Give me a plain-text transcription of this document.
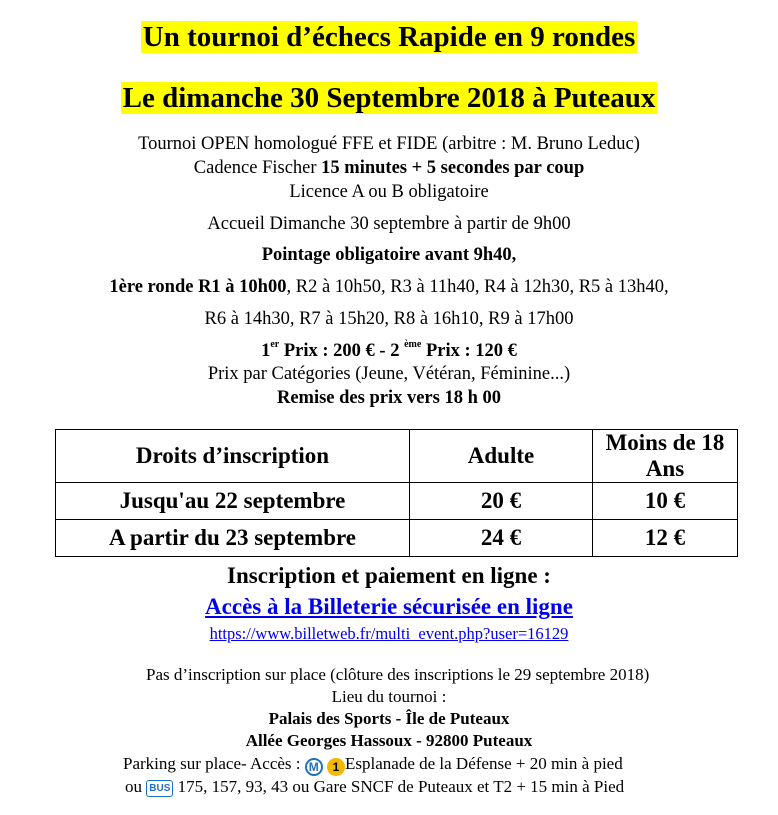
Un tournoi d’échecs Rapide en 9 rondes
Le dimanche 30 Septembre 2018 à Puteaux
Tournoi OPEN homologué FFE et FIDE (arbitre : M. Bruno Leduc)
Cadence Fischer 15 minutes + 5 secondes par coup
Licence A ou B obligatoire
Accueil Dimanche 30 septembre à partir de 9h00
Pointage obligatoire avant 9h40,
1ère ronde R1 à 10h00, R2 à 10h50, R3 à 11h40, R4 à 12h30, R5 à 13h40,
R6 à 14h30, R7 à 15h20, R8 à 16h10, R9 à 17h00
1er Prix : 200 € - 2 $^{ème}$ Prix : 120 €
Prix par Catégories (Jeune, Vétéran, Féminine...)
Remise des prix vers 18 h 00
Droits d’inscription	Adulte	Moins de 18 Ans
Jusqu'au 22 septembre	20 €	10 €
A partir du 23 septembre	24 €	12 €
Inscription et paiement en ligne :
Accès à la Billeterie sécurisée en ligne
https://www.billetweb.fr/multi_event.php?user=16129
Pas d’inscription sur place (clôture des inscriptions le 29 septembre 2018)
Lieu du tournoi :
Palais des Sports - Île de Puteaux
Allée Georges Hassoux - 92800 Puteaux
Parking sur place- Accès : M 1 Esplanade de la Défense + 20 min à pied
ou BUS 175, 157, 93, 43 ou Gare SNCF de Puteaux et T2 + 15 min à Pied
